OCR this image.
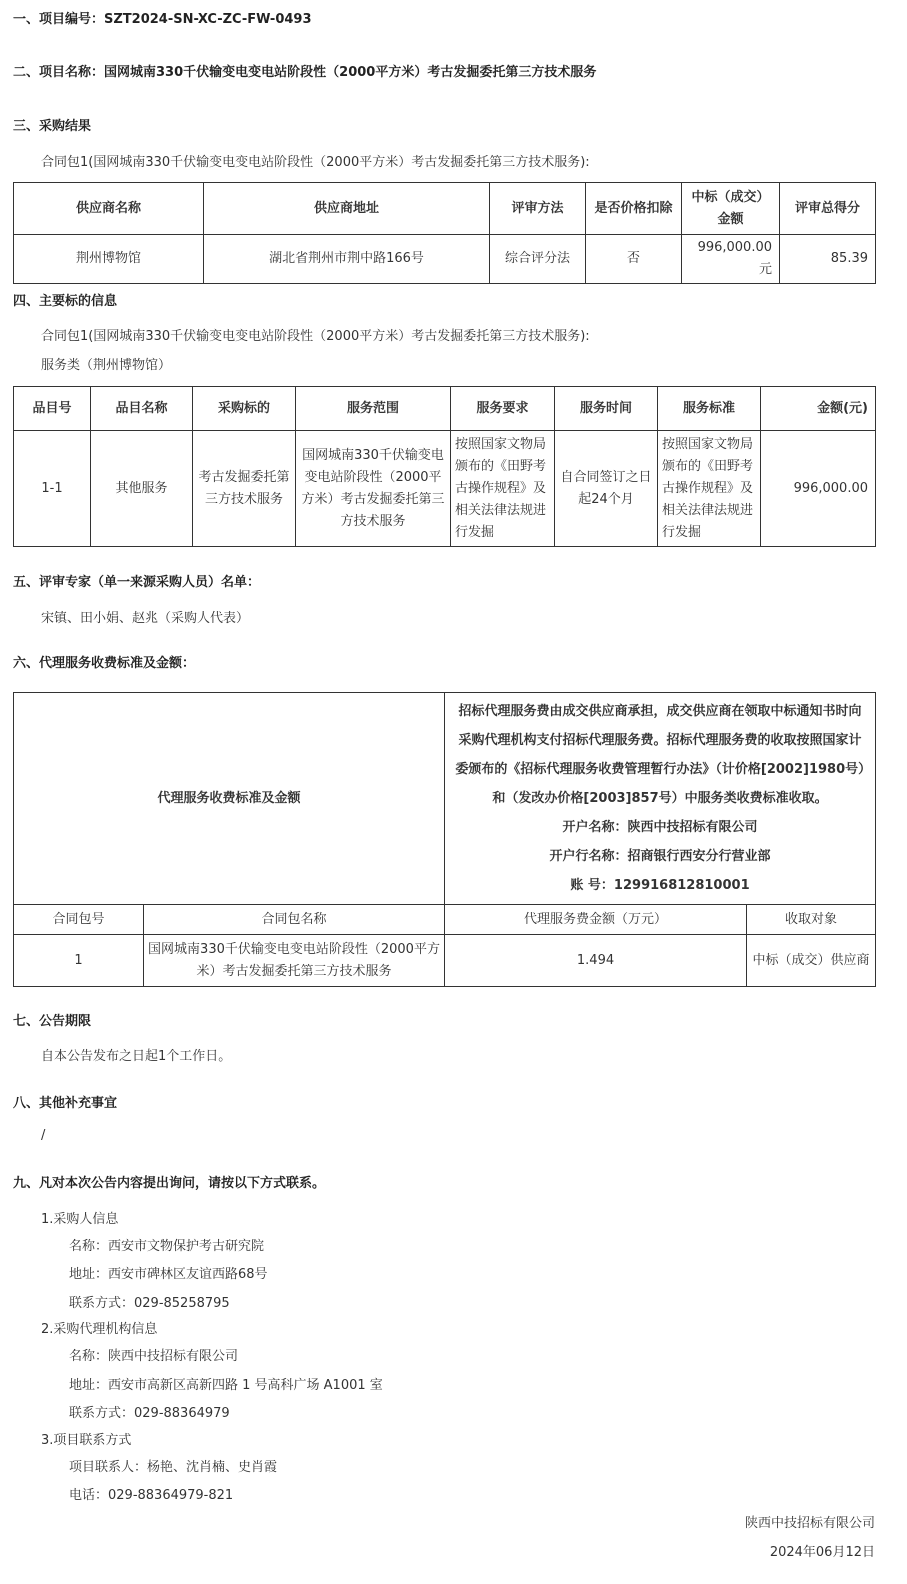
一、项目编号：SZT2024-SN-XC-ZC-FW-0493
二、项目名称：国网城南330千伏输变电变电站阶段性（2000平方米）考古发掘委托第三方技术服务
三、采购结果
合同包1(国网城南330千伏输变电变电站阶段性（2000平方米）考古发掘委托第三方技术服务):
供应商名称	供应商地址	评审方法	是否价格扣除	中标（成交）金额	评审总得分
荆州博物馆	湖北省荆州市荆中路166号	综合评分法	否	996,000.00元	85.39
四、主要标的信息
合同包1(国网城南330千伏输变电变电站阶段性（2000平方米）考古发掘委托第三方技术服务):
服务类（荆州博物馆）
品目号	品目名称	采购标的	服务范围	服务要求	服务时间	服务标准	金额(元)
1-1	其他服务	考古发掘委托第三方技术服务	国网城南330千伏输变电变电站阶段性（2000平方米）考古发掘委托第三方技术服务	按照国家文物局颁布的《田野考古操作规程》及相关法律法规进行发掘	自合同签订之日起24个月	按照国家文物局颁布的《田野考古操作规程》及相关法律法规进行发掘	996,000.00
五、评审专家（单一来源采购人员）名单：
宋镇、田小娟、赵兆（采购人代表）
六、代理服务收费标准及金额：
代理服务收费标准及金额		招标代理服务费由成交供应商承担，成交供应商在领取中标通知书时向采购代理机构支付招标代理服务费。招标代理服务费的收取按照国家计委颁布的《招标代理服务收费管理暂行办法》（计价格[2002]1980号）和（发改办价格[2003]857号）中服务类收费标准收取。
开户名称：陕西中技招标有限公司
开户行名称：招商银行西安分行营业部
账 号：129916812810001	

合同包号	合同包名称	代理服务费金额（万元）	收取对象
1	国网城南330千伏输变电变电站阶段性（2000平方米）考古发掘委托第三方技术服务	1.494	中标（成交）供应商
七、公告期限
自本公告发布之日起1个工作日。
八、其他补充事宜
/
九、凡对本次公告内容提出询问，请按以下方式联系。
1.采购人信息
名称：西安市文物保护考古研究院
地址：西安市碑林区友谊西路68号
联系方式：029-85258795
2.采购代理机构信息
名称：陕西中技招标有限公司
地址：西安市高新区高新四路 1 号高科广场 A1001 室
联系方式：029-88364979
3.项目联系方式
项目联系人：杨艳、沈肖楠、史肖霞
电话：029-88364979-821
陕西中技招标有限公司
2024年06月12日
